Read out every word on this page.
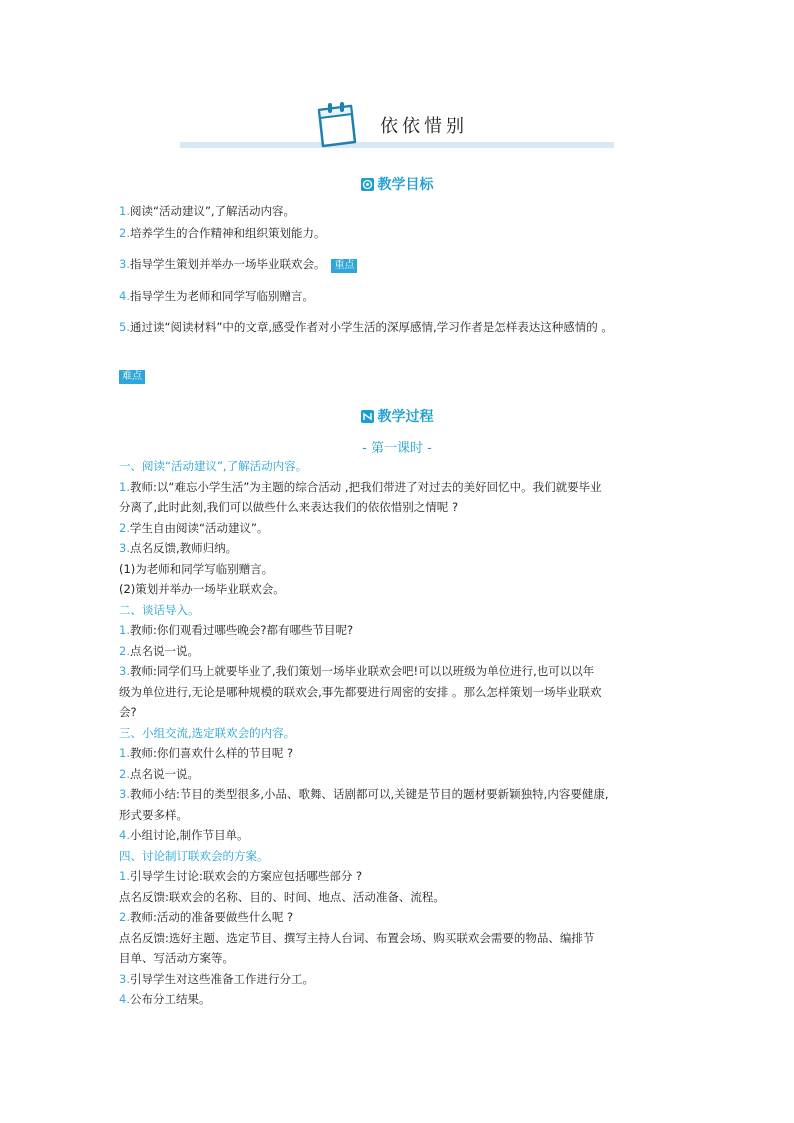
依依惜别
教学目标
1.阅读“活动建议”,了解活动内容。
2.培养学生的合作精神和组织策划能力。
3.指导学生策划并举办一场毕业联欢会。 重点
4.指导学生为老师和同学写临别赠言。
5.通过读“阅读材料”中的文章,感受作者对小学生活的深厚感情,学习作者是怎样表达这种感情的 。
难点
教学过程
- 第一课时 -
一、阅读“活动建议”,了解活动内容。
1.教师:以“难忘小学生活”为主题的综合活动 ,把我们带进了对过去的美好回忆中。我们就要毕业
分离了,此时此刻,我们可以做些什么来表达我们的依依惜别之情呢 ?
2.学生自由阅读“活动建议”。
3.点名反馈,教师归纳。
(1)为老师和同学写临别赠言。
(2)策划并举办一场毕业联欢会。
二、谈话导入。
1.教师:你们观看过哪些晚会?都有哪些节目呢?
2.点名说一说。
3.教师:同学们马上就要毕业了,我们策划一场毕业联欢会吧!可以以班级为单位进行,也可以以年
级为单位进行,无论是哪种规模的联欢会,事先都要进行周密的安排 。那么怎样策划一场毕业联欢
会?
三、小组交流,选定联欢会的内容。
1.教师:你们喜欢什么样的节目呢 ?
2.点名说一说。
3.教师小结:节目的类型很多,小品、歌舞、话剧都可以,关键是节目的题材要新颖独特,内容要健康,
形式要多样。
4.小组讨论,制作节目单。
四、讨论制订联欢会的方案。
1.引导学生讨论:联欢会的方案应包括哪些部分 ?
点名反馈:联欢会的名称、目的、时间、地点、活动准备、流程。
2.教师:活动的准备要做些什么呢 ?
点名反馈:选好主题、选定节目、撰写主持人台词、布置会场、购买联欢会需要的物品、编排节
目单、写活动方案等。
3.引导学生对这些准备工作进行分工。
4.公布分工结果。
